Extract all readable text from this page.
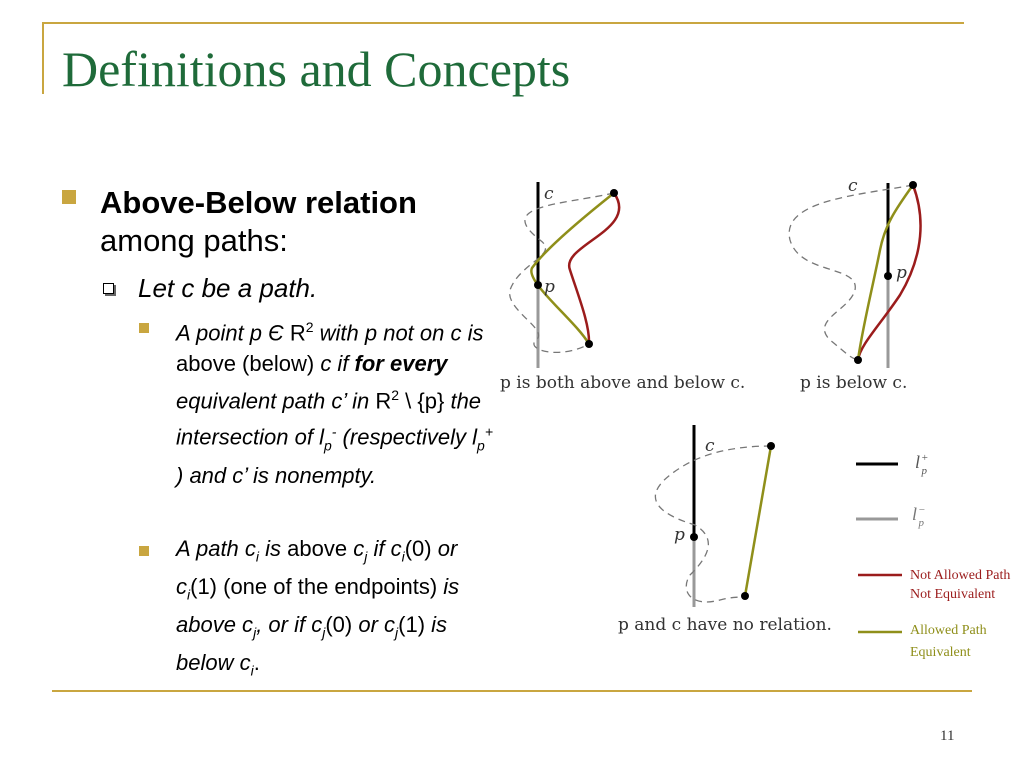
Definitions and Concepts
Above-Below relation
among paths:
Let c be a path.
A point p Є $R^2$ with p not on c is above (below) c if for every equivalent path c’ in $R^2$ \ {p} the intersection of $l_p^-$ (respectively $l_p^+$ ) and c’ is nonempty.
A path $c_i$ is above $c_j$ if $c_i(0)$ or $c_i(1)$ (one of the endpoints) is above $c_j$, or if $c_j(0)$ or $c_j(1)$ is below $c_i$.
c
p
p is both above and below c.
c
p
p is below c.
c
p
p and c have no relation.
l+ p
l− p
Not Allowed Path
Not Equivalent
Allowed Path
Equivalent
11
